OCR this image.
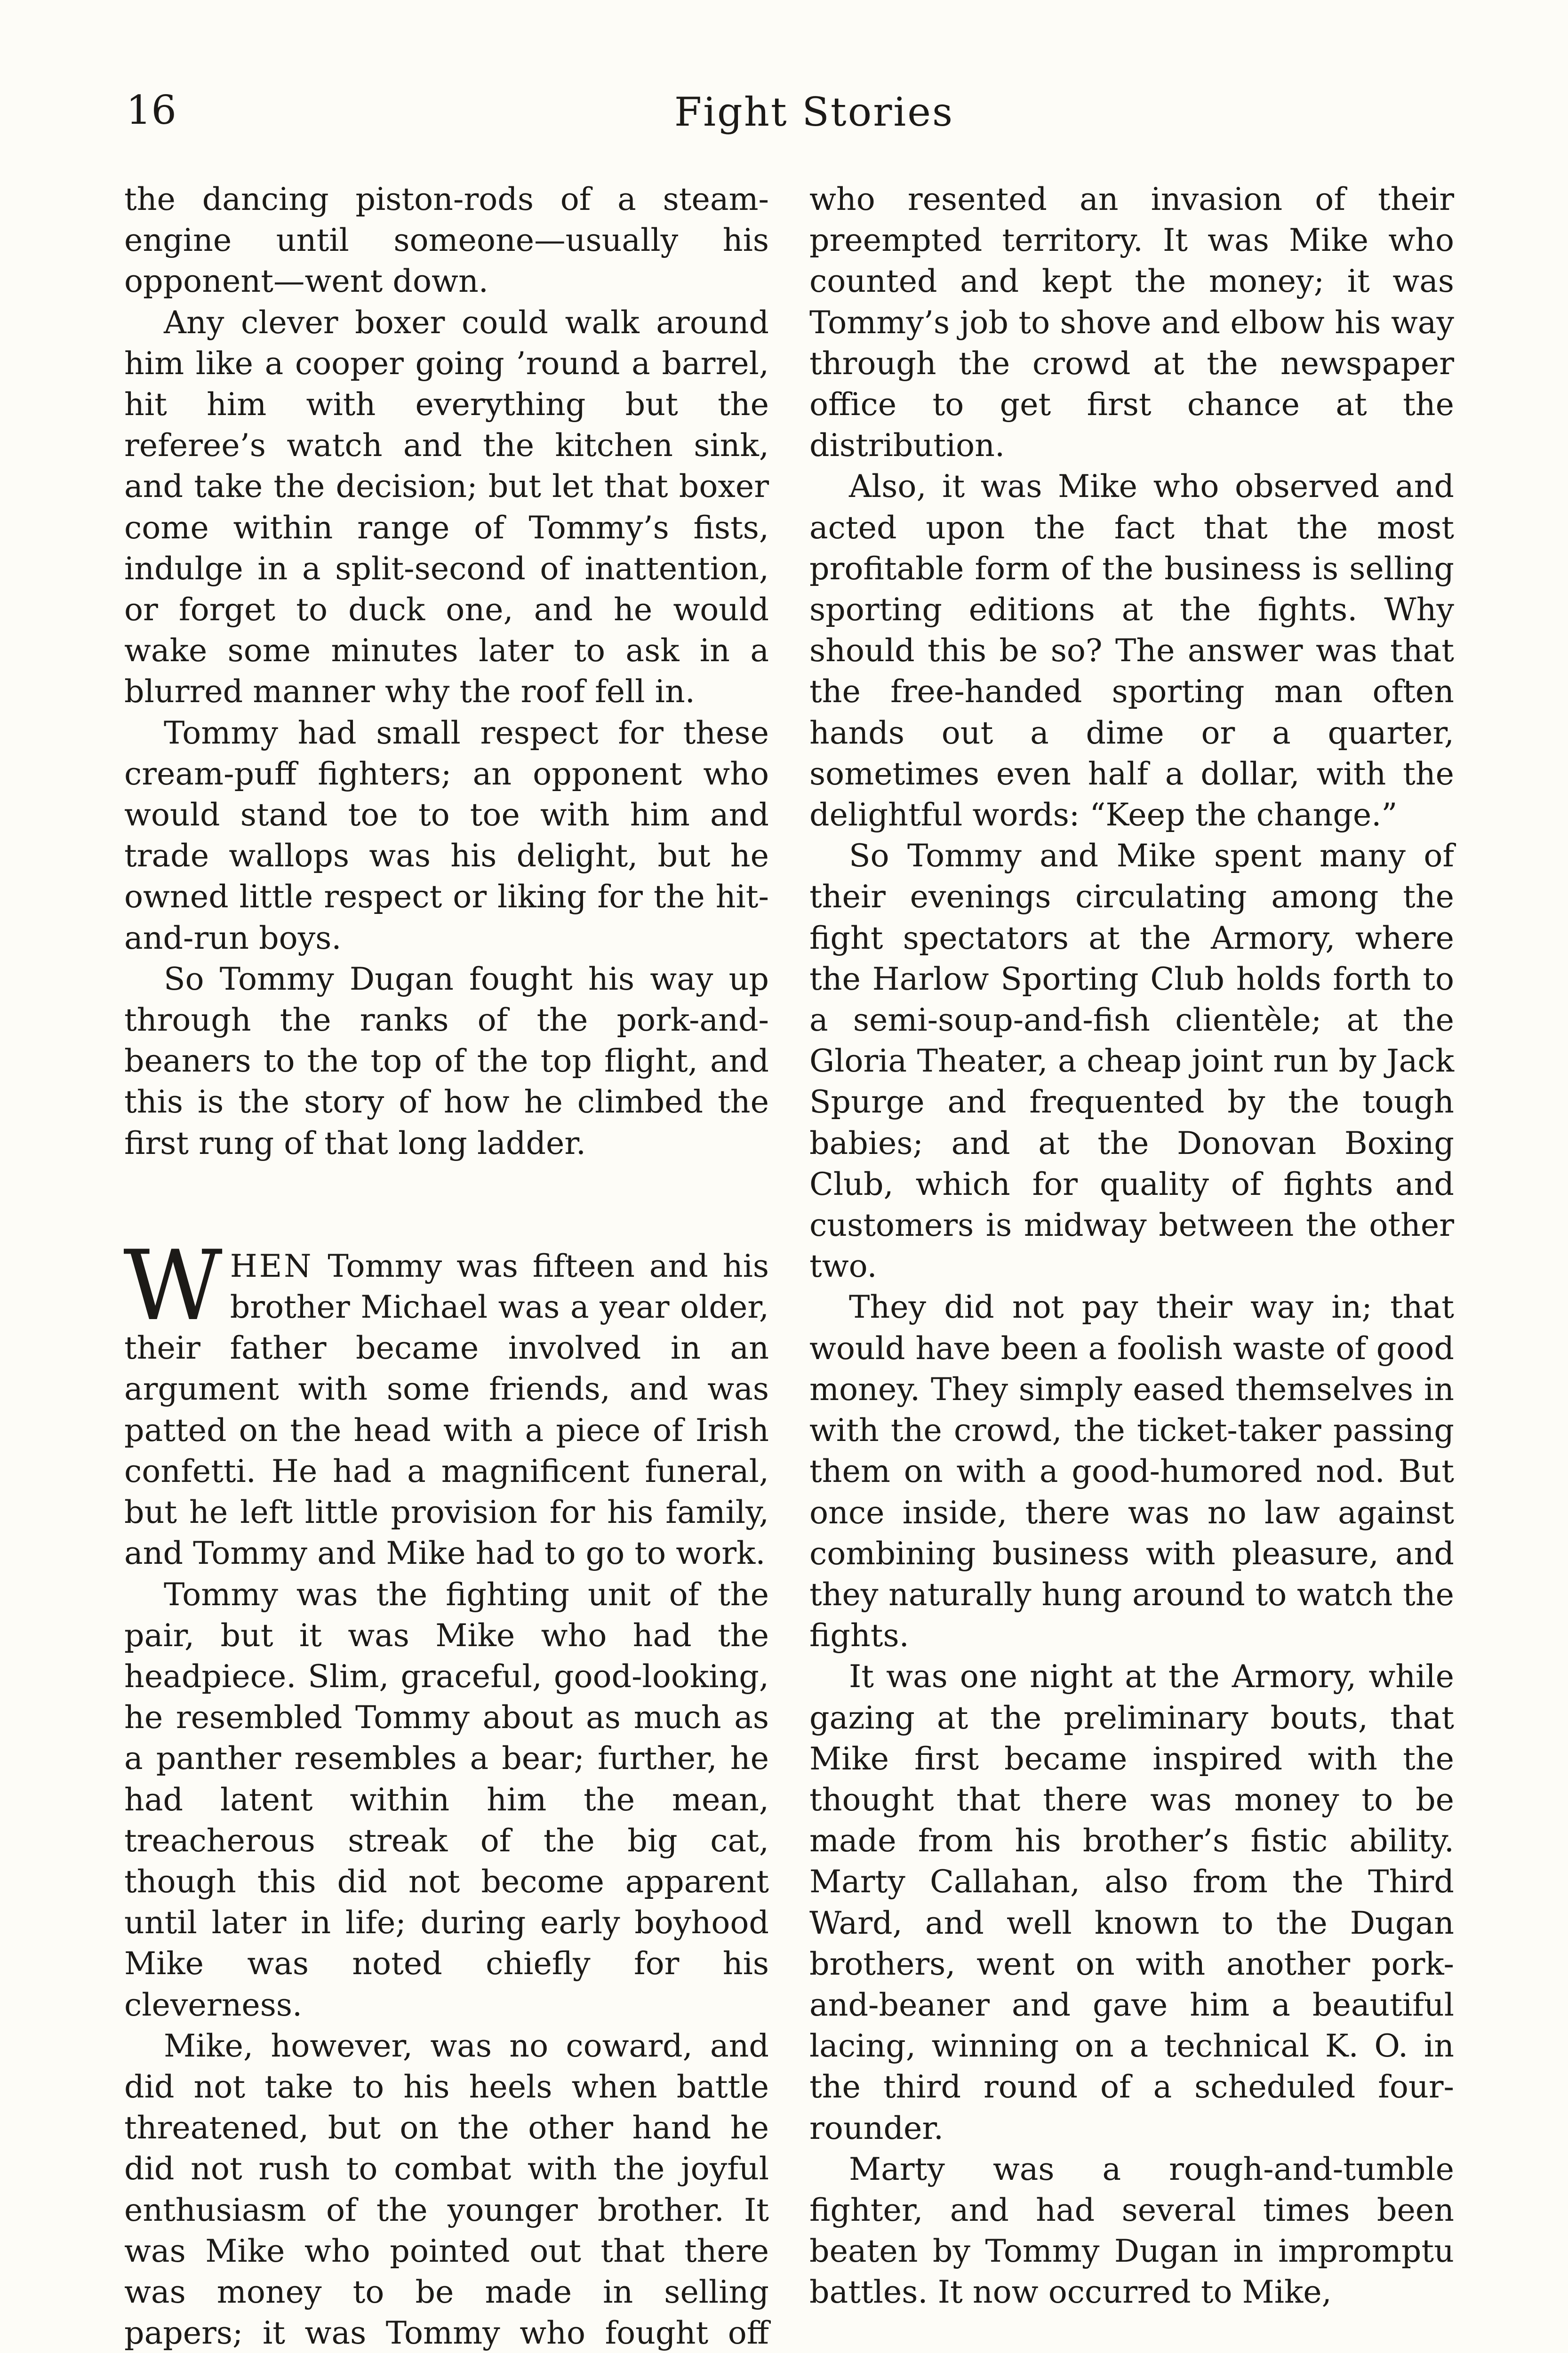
16	Fight Stories

the dancing piston-rods of a steam-engine until someone—usually his opponent—went down.

Any clever boxer could walk around him like a cooper going ’round a barrel, hit him with everything but the referee’s watch and the kitchen sink, and take the decision; but let that boxer come within range of Tommy’s fists, indulge in a split-second of inattention, or forget to duck one, and he would wake some minutes later to ask in a blurred manner why the roof fell in.

Tommy had small respect for these cream-puff fighters; an opponent who would stand toe to toe with him and trade wallops was his delight, but he owned little respect or liking for the hit-and-run boys.

So Tommy Dugan fought his way up through the ranks of the pork-and-beaners to the top of the top flight, and this is the story of how he climbed the first rung of that long ladder.

WHEN Tommy was fifteen and his brother Michael was a year older, their father became involved in an argument with some friends, and was patted on the head with a piece of Irish confetti. He had a magnificent funeral, but he left little provision for his family, and Tommy and Mike had to go to work.

Tommy was the fighting unit of the pair, but it was Mike who had the headpiece. Slim, graceful, good-looking, he resembled Tommy about as much as a panther resembles a bear; further, he had latent within him the mean, treacherous streak of the big cat, though this did not become apparent until later in life; during early boyhood Mike was noted chiefly for his cleverness.

Mike, however, was no coward, and did not take to his heels when battle threatened, but on the other hand he did not rush to combat with the joyful enthusiasm of the younger brother. It was Mike who pointed out that there was money to be made in selling papers; it was Tommy who fought off

who resented an invasion of their preempted territory. It was Mike who counted and kept the money; it was Tommy’s job to shove and elbow his way through the crowd at the newspaper office to get first chance at the distribution.

Also, it was Mike who observed and acted upon the fact that the most profitable form of the business is selling sporting editions at the fights. Why should this be so? The answer was that the free-handed sporting man often hands out a dime or a quarter, sometimes even half a dollar, with the delightful words: “Keep the change.”

So Tommy and Mike spent many of their evenings circulating among the fight spectators at the Armory, where the Harlow Sporting Club holds forth to a semi-soup-and-fish clientèle; at the Gloria Theater, a cheap joint run by Jack Spurge and frequented by the tough babies; and at the Donovan Boxing Club, which for quality of fights and customers is midway between the other two.

They did not pay their way in; that would have been a foolish waste of good money. They simply eased themselves in with the crowd, the ticket-taker passing them on with a good-humored nod. But once inside, there was no law against combining business with pleasure, and they naturally hung around to watch the fights.

It was one night at the Armory, while gazing at the preliminary bouts, that Mike first became inspired with the thought that there was money to be made from his brother’s fistic ability. Marty Callahan, also from the Third Ward, and well known to the Dugan brothers, went on with another pork-and-beaner and gave him a beautiful lacing, winning on a technical K. O. in the third round of a scheduled four-rounder.

Marty was a rough-and-tumble fighter, and had several times been beaten by Tommy Dugan in impromptu battles. It now occurred to Mike,
